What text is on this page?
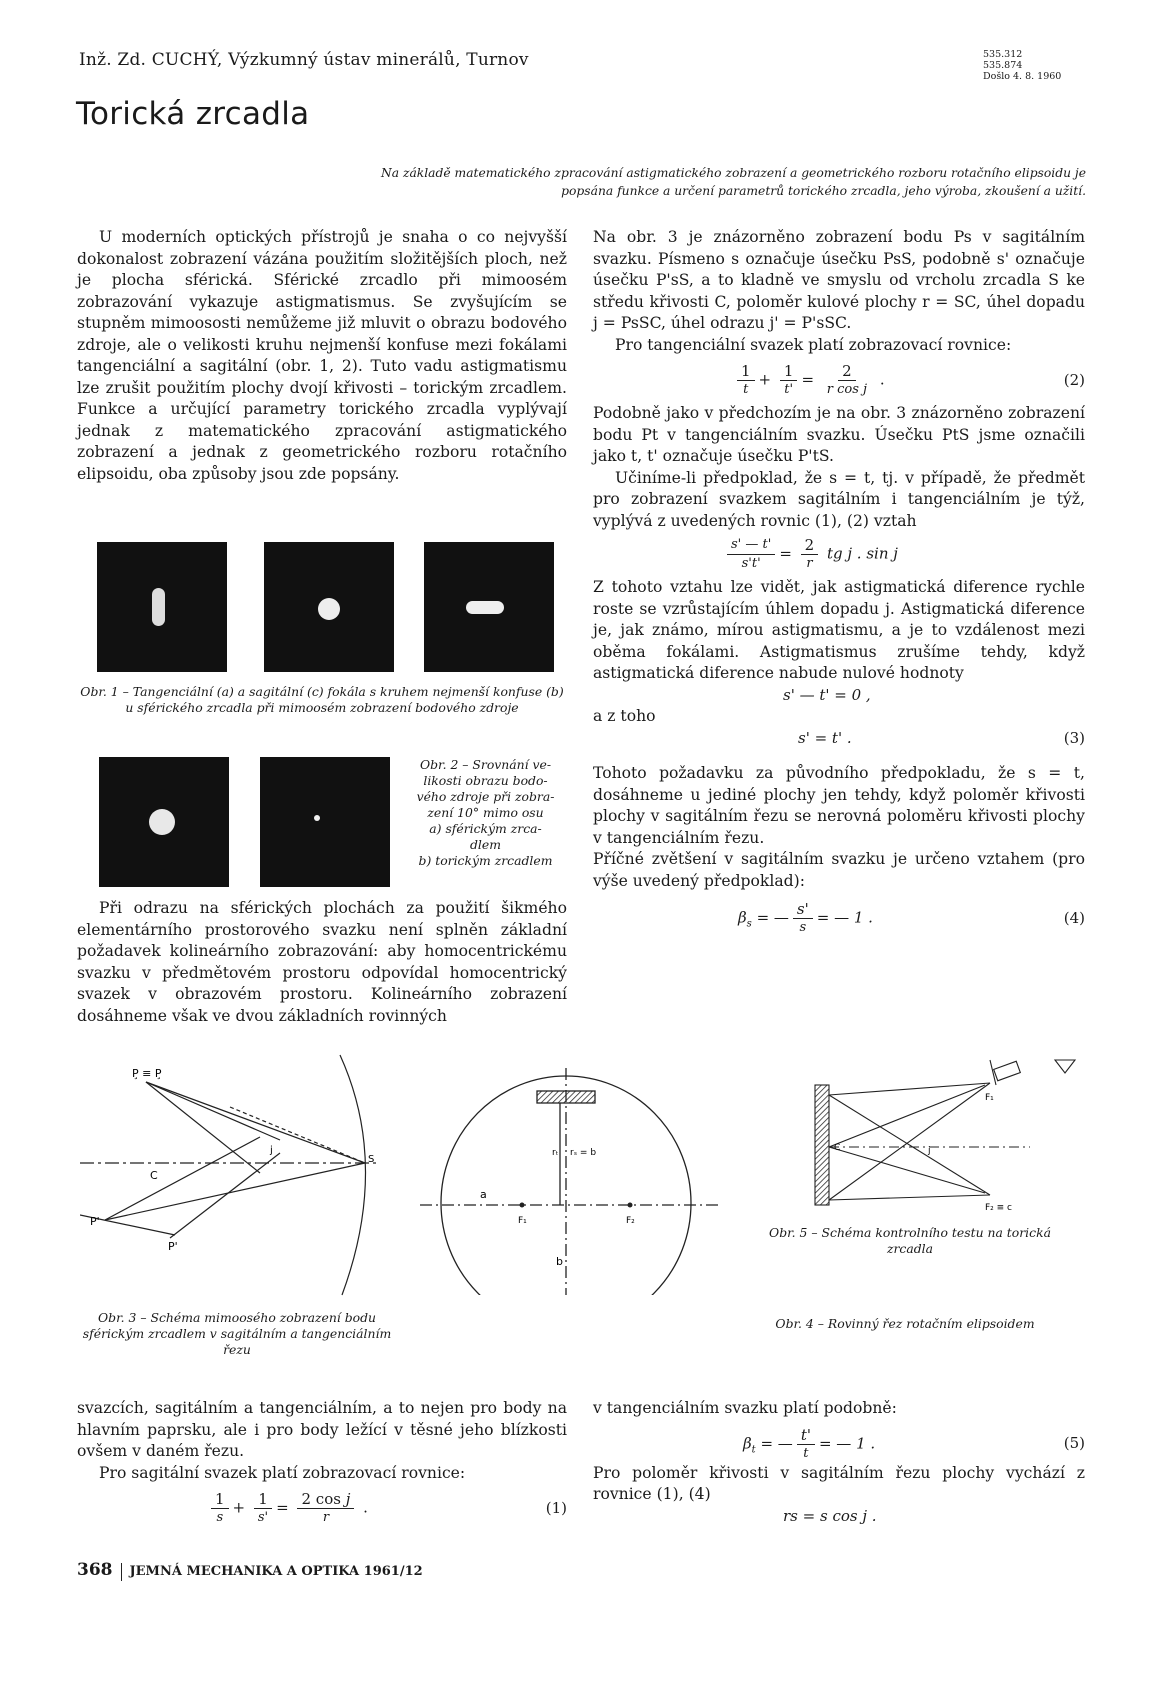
Inž. Zd. CUCHÝ, Výzkumný ústav minerálů, Turnov	535.312
535.874
Došlo 4. 8. 1960
Torická zrcadla
Na základě matematického zpracování astigmatického zobrazení a geometrického rozboru rotačního elipsoidu je popsána funkce a určení parametrů torického zrcadla, jeho výroba, zkoušení a užití.

U moderních optických přístrojů je snaha o co nejvyšší dokonalost zobrazení vázána použitím složitějších ploch, než je plocha sférická. Sférické zrcadlo při mimoosém zobrazování vykazuje astigmatismus. Se zvyšujícím se stupněm mimoososti nemůžeme již mluvit o obrazu bodového zdroje, ale o velikosti kruhu nejmenší konfuse mezi fokálami tangenciální a sagitální (obr. 1, 2). Tuto vadu astigmatismu lze zrušit použitím plochy dvojí křivosti – torickým zrcadlem. Funkce a určující parametry torického zrcadla vyplývají jednak z matematického zpracování astigmatického zobrazení a jednak z geometrického rozboru rotačního elipsoidu, oba způsoby jsou zde popsány.

Obr. 1 – Tangenciální (a) a sagitální (c) fokála s kruhem nejmenší konfuse (b) u sférického zrcadla při mimoosém zobrazení bodového zdroje
Obr. 2 – Srovnání ve-
likosti obrazu bodo-
vého zdroje při zobra-
zení 10° mimo osu
a) sférickým zrca-
dlem
b) torickým zrcadlem

Při odrazu na sférických plochách za použití šikmého elementárního prostorového svazku není splněn základní požadavek kolineárního zobrazování: aby homocentrickému svazku v předmětovém prostoru odpovídal homocentrický svazek v obrazovém prostoru. Kolineárního zobrazení dosáhneme však ve dvou základních rovinných

Na obr. 3 je znázorněno zobrazení bodu Ps v sagitálním svazku. Písmeno s označuje úsečku PsS, podobně s' označuje úsečku P'sS, a to kladně ve smyslu od vrcholu zrcadla S ke středu křivosti C, poloměr kulové plochy r = SC, úhel dopadu j = PsSC, úhel odrazu j' = P'sSC.

Pro tangenciální svazek platí zobrazovací rovnice:

$\frac{1}{t} + \frac{1}{t'} = \frac{2}{\text{r cos j}}$ .	(2)

Podobně jako v předchozím je na obr. 3 znázorněno zobrazení bodu Pt v tangenciálním svazku. Úsečku PtS jsme označili jako t, t' označuje úsečku P'tS.

Učiníme-li předpoklad, že s = t, tj. v případě, že předmět pro zobrazení svazkem sagitálním i tangenciálním je týž, vyplývá z uvedených rovnic (1), (2) vztah

$\frac{s' — t'}{s't'} = \frac{2}{r}$ tg j . sin j

Z tohoto vztahu lze vidět, jak astigmatická diference rychle roste se vzrůstajícím úhlem dopadu j. Astigmatická diference je, jak známo, mírou astigmatismu, a je to vzdálenost mezi oběma fokálami. Astigmatismus zrušíme tehdy, když astigmatická diference nabude nulové hodnoty

s' — t' = 0 ,

a z toho

s' = t' .	(3)

Tohoto požadavku za původního předpokladu, že s = t, dosáhneme u jediné plochy jen tehdy, když poloměr křivosti plochy v sagitálním řezu se nerovná poloměru křivosti plochy v tangenciálním řezu.

Příčné zvětšení v sagitálním svazku je určeno vztahem (pro výše uvedený předpoklad):

$\beta_s$ = — $\frac{s'}{s}$ = — 1 .	(4)
P̧ ≡ P̧
C
S
P'
P'
j
Obr. 3 – Schéma mimoosého zobrazení bodu sférickým zrcadlem v sagitálním a tangenciálním řezu
a
F₁	F₂
rₜ rₛ = b
b
Obr. 4 – Rovinný řez rotačním elipsoidem
C	j
F₁
F₂ ≡ c
Obr. 5 – Schéma kontrolního testu na torická zrcadla

svazcích, sagitálním a tangenciálním, a to nejen pro body na hlavním paprsku, ale i pro body ležící v těsné jeho blízkosti ovšem v daném řezu.

Pro sagitální svazek platí zobrazovací rovnice:

$\frac{1}{s} + \frac{1}{s'} = \frac{\text{2 cos j}}{r}$ .	(1)

v tangenciálním svazku platí podobně:

$\beta_t$ = — $\frac{t'}{t}$ = — 1 .	(5)

Pro poloměr křivosti v sagitálním řezu plochy vychází z rovnice (1), (4)

rs = s cos j .
368 JEMNÁ MECHANIKA A OPTIKA 1961/12
